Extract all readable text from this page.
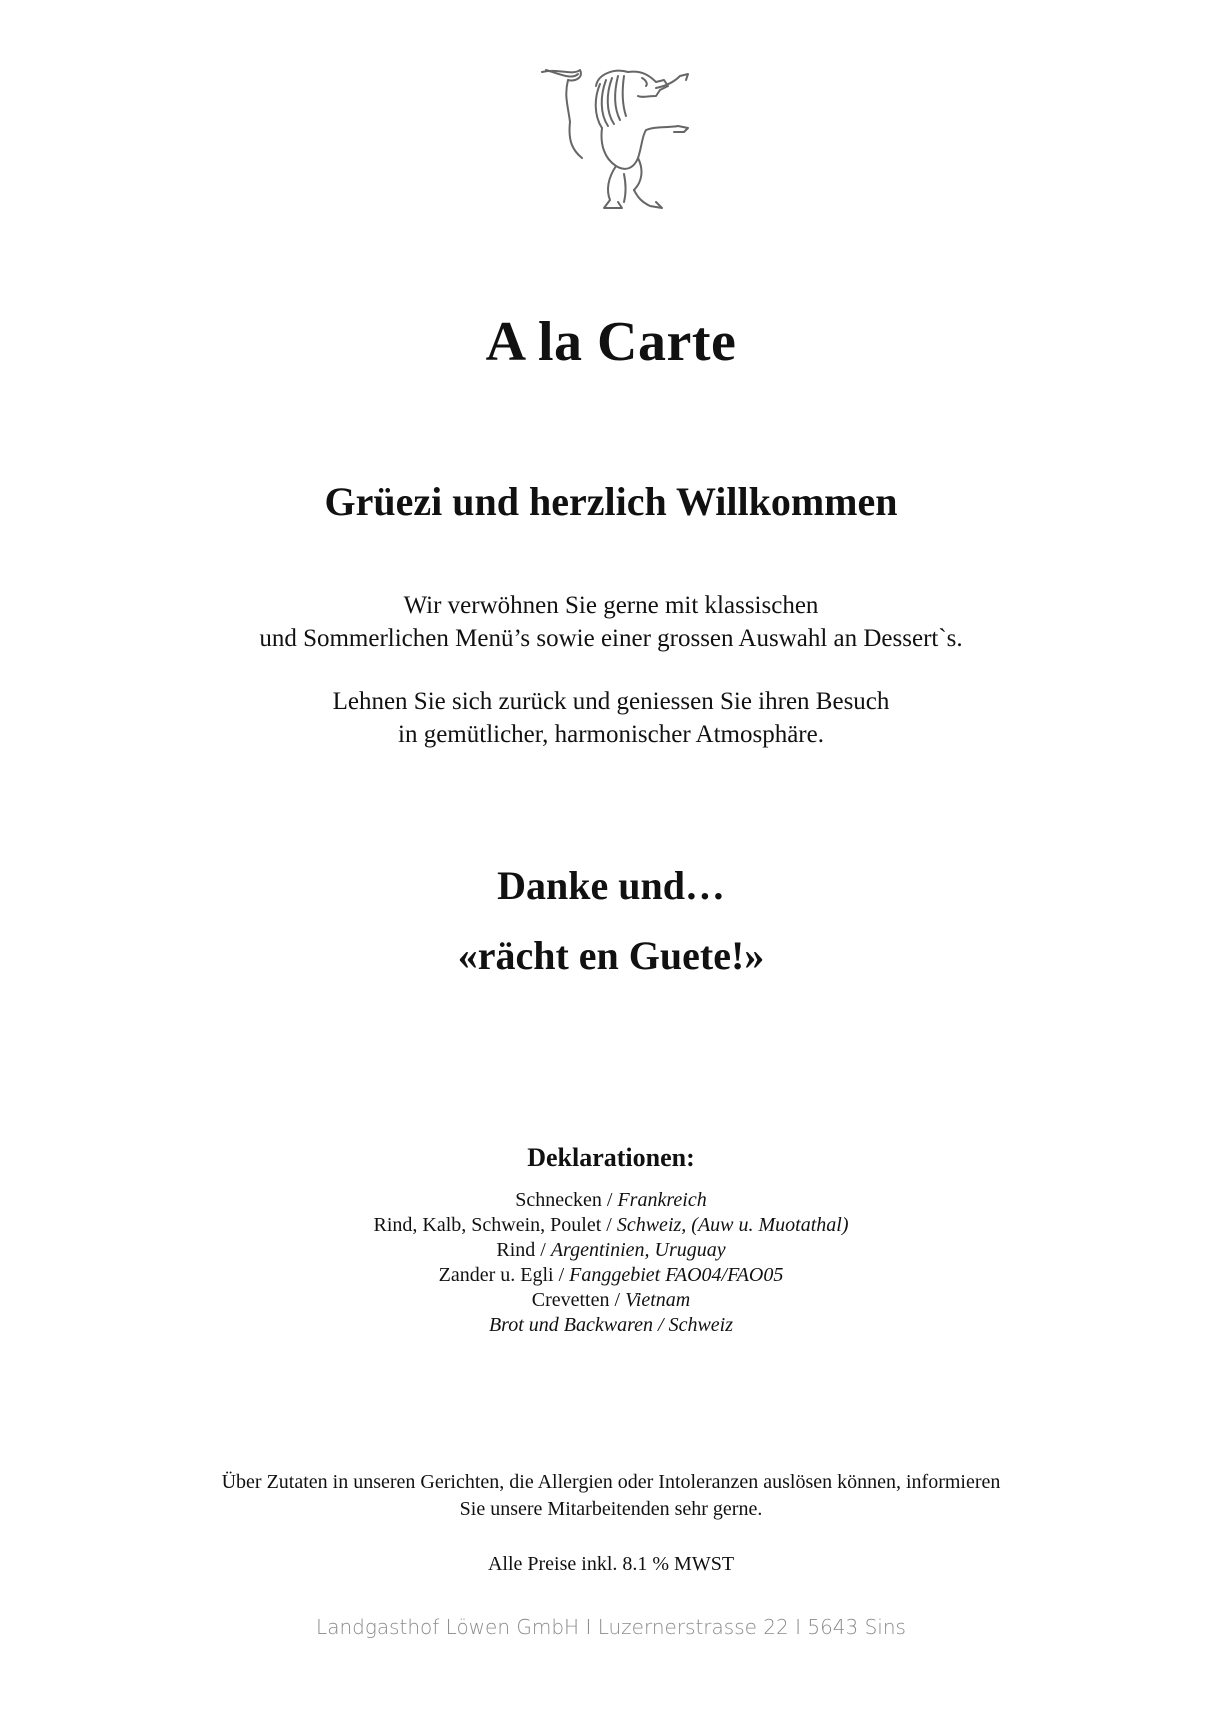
A la Carte
Grüezi und herzlich Willkommen
Wir verwöhnen Sie gerne mit klassischen
und Sommerlichen Menü’s sowie einer grossen Auswahl an Dessert`s.
Lehnen Sie sich zurück und geniessen Sie ihren Besuch
in gemütlicher, harmonischer Atmosphäre.
Danke und…
«rächt en Guete!»
Deklarationen:
Schnecken / Frankreich
Rind, Kalb, Schwein, Poulet / Schweiz, (Auw u. Muotathal)
Rind / Argentinien, Uruguay
Zander u. Egli / Fanggebiet FAO04/FAO05
Crevetten / Vietnam
Brot und Backwaren / Schweiz
Über Zutaten in unseren Gerichten, die Allergien oder Intoleranzen auslösen können, informieren
Sie unsere Mitarbeitenden sehr gerne.
Alle Preise inkl. 8.1 % MWST
Landgasthof Löwen GmbH I Luzernerstrasse 22 I 5643 Sins
